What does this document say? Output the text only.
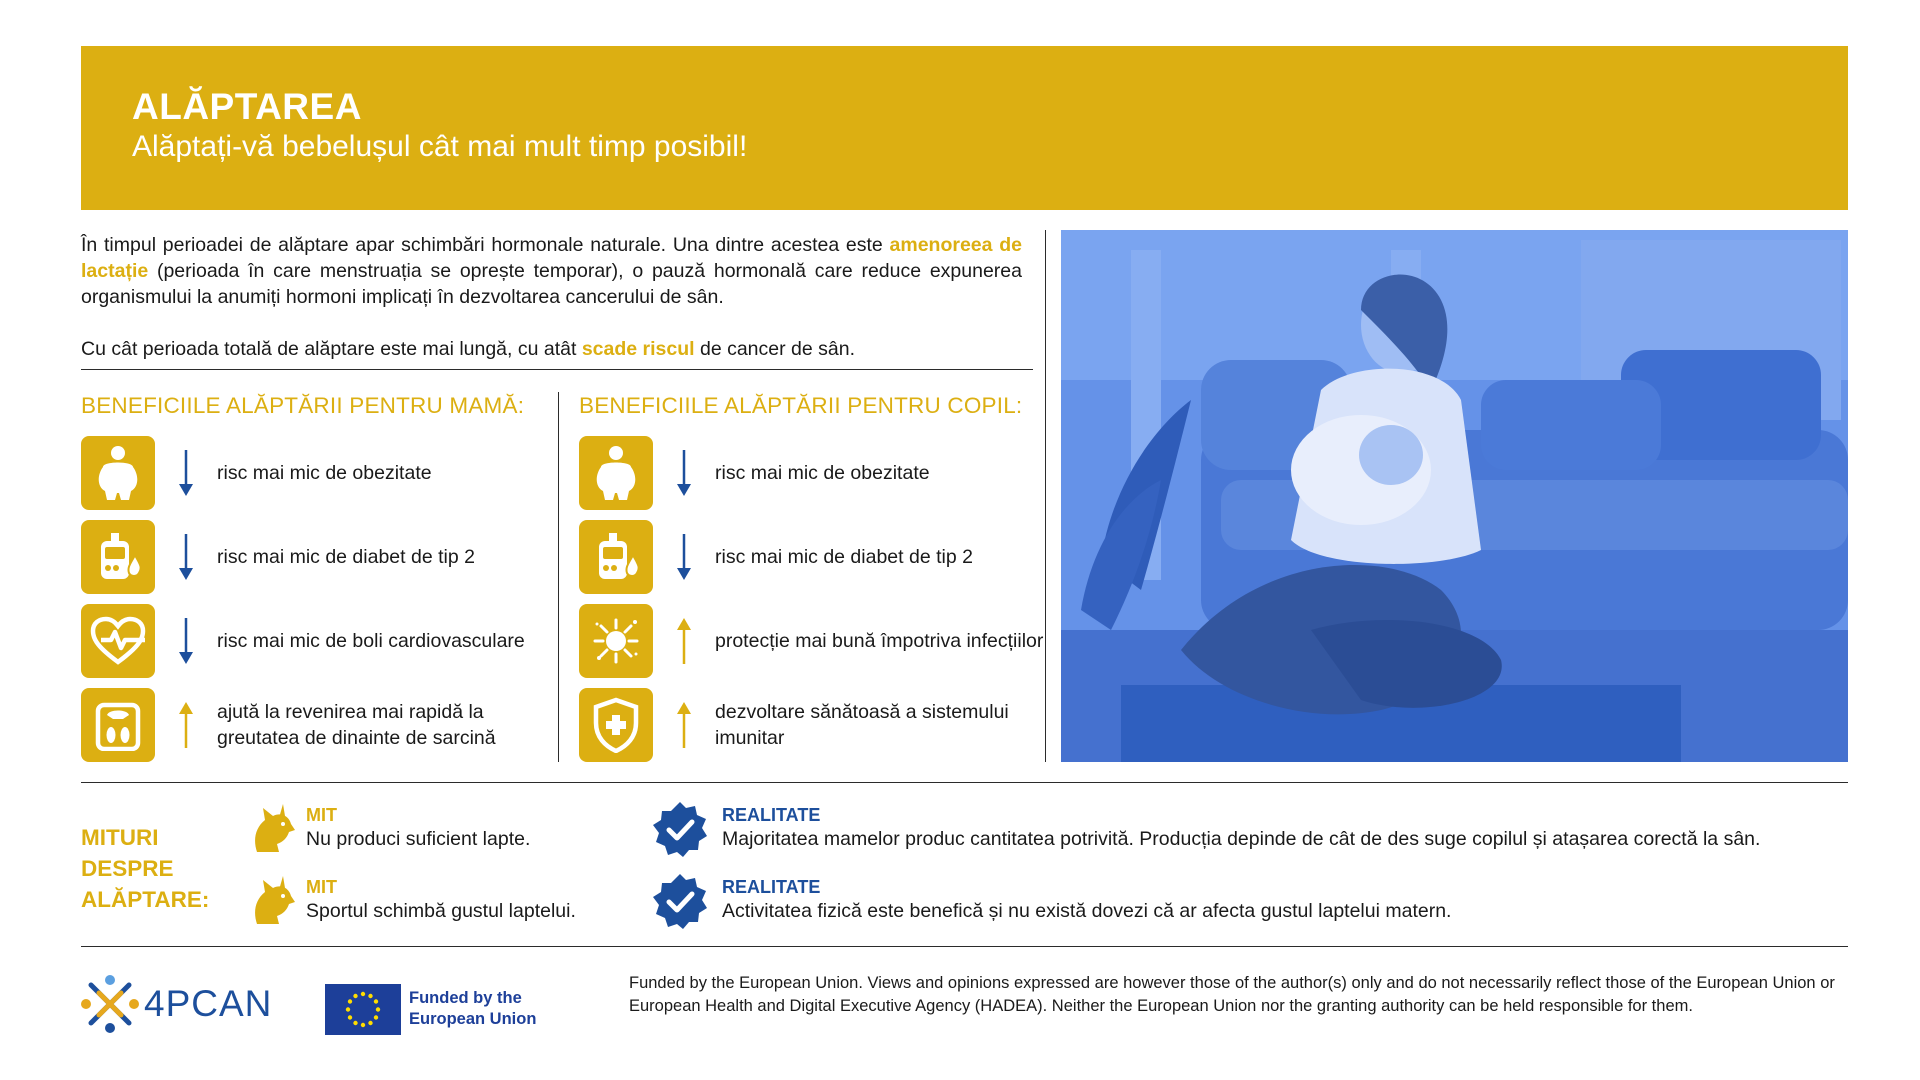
ALĂPTAREA
Alăptați-vă bebelușul cât mai mult timp posibil!

În timpul perioadei de alăptare apar schimbări hormonale naturale. Una dintre acestea este amenoreea de lactație (perioada în care menstruația se oprește temporar), o pauză hormonală care reduce expunerea organismului la anumiți hormoni implicați în dezvoltarea cancerului de sân.

Cu cât perioada totală de alăptare este mai lungă, cu atât scade riscul de cancer de sân.

BENEFICIILE ALĂPTĂRII PENTRU MAMĂ: BENEFICIILE ALĂPTĂRII PENTRU COPIL:
risc mai mic de obezitate
risc mai mic de diabet de tip 2
risc mai mic de boli cardiovasculare
ajută la revenirea mai rapidă la greutatea de dinainte de sarcină
risc mai mic de obezitate
risc mai mic de diabet de tip 2
protecție mai bună împotriva infecțiilor
dezvoltare sănătoasă a sistemului imunitar
MITURI DESPRE ALĂPTARE:
MIT
Nu produci suficient lapte.
MIT
Sportul schimbă gustul laptelui.
REALITATE
Majoritatea mamelor produc cantitatea potrivită. Producția depinde de cât de des suge copilul și atașarea corectă la sân.
REALITATE
Activitatea fizică este benefică și nu există dovezi că ar afecta gustul laptelui matern.
4PCAN	Funded by the European Union
Funded by the European Union. Views and opinions expressed are however those of the author(s) only and do not necessarily reflect those of the European Union or European Health and Digital Executive Agency (HADEA). Neither the European Union nor the granting authority can be held responsible for them.
